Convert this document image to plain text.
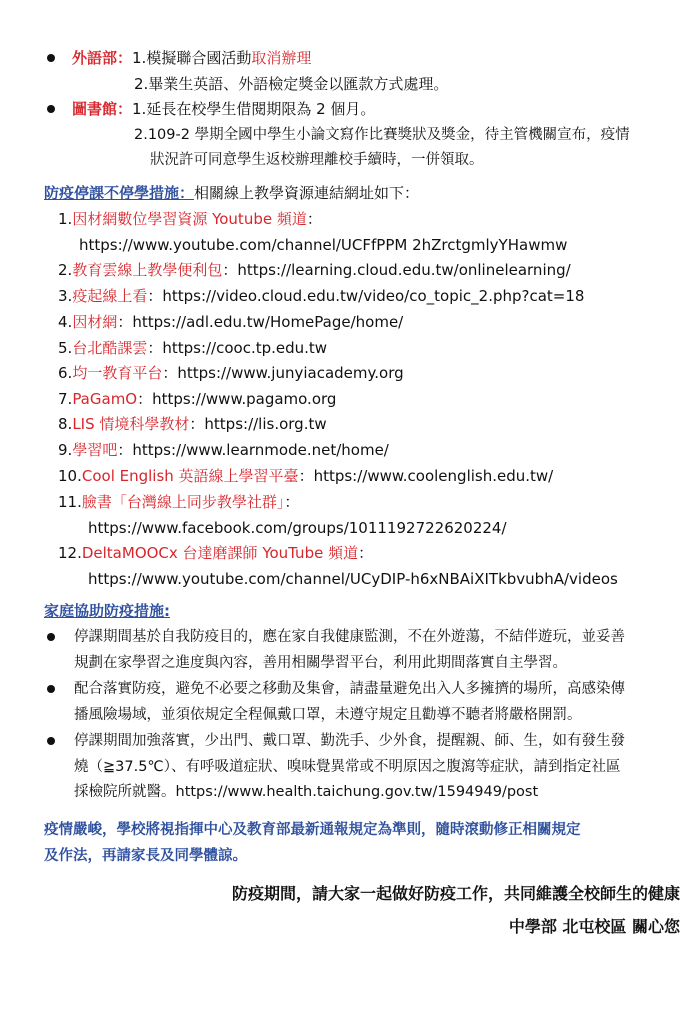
外語部：1.模擬聯合國活動取消辦理
2.畢業生英語、外語檢定獎金以匯款方式處理。
圖書館：1.延長在校學生借閱期限為 2 個月。
2.109-2 學期全國中學生小論文寫作比賽獎狀及獎金，待主管機關宣布，疫情
狀況許可同意學生返校辦理離校手續時，一併領取。
防疫停課不停學措施：相關線上教學資源連結網址如下：
1.因材網數位學習資源 Youtube 頻道：
https://www.youtube.com/channel/UCFfPPM 2hZrctgmlyYHawmw
2.教育雲線上教學便利包：https://learning.cloud.edu.tw/onlinelearning/
3.疫起線上看：https://video.cloud.edu.tw/video/co_topic_2.php?cat=18
4.因材網：https://adl.edu.tw/HomePage/home/
5.台北酷課雲：https://cooc.tp.edu.tw
6.均一教育平台：https://www.junyiacademy.org
7.PaGamO：https://www.pagamo.org
8.LIS 情境科學教材：https://lis.org.tw
9.學習吧：https://www.learnmode.net/home/
10.Cool English 英語線上學習平臺：https://www.coolenglish.edu.tw/
11.臉書「台灣線上同步教學社群」：
https://www.facebook.com/groups/1011192722620224/
12.DeltaMOOCx 台達磨課師 YouTube 頻道：
https://www.youtube.com/channel/UCyDIP-h6xNBAiXITkbvubhA/videos
家庭協助防疫措施:
停課期間基於自我防疫目的，應在家自我健康監測，不在外遊蕩，不結伴遊玩，並妥善
規劃在家學習之進度與內容，善用相關學習平台，利用此期間落實自主學習。
配合落實防疫，避免不必要之移動及集會，請盡量避免出入人多擁擠的場所，高感染傳
播風險場域，並須依規定全程佩戴口罩，未遵守規定且勸導不聽者將嚴格開罰。
停課期間加強落實，少出門、戴口罩、勤洗手、少外食，提醒親、師、生，如有發生發
燒（≧37.5℃）、有呼吸道症狀、嗅味覺異常或不明原因之腹瀉等症狀，請到指定社區
採檢院所就醫。https://www.health.taichung.gov.tw/1594949/post
疫情嚴峻，學校將視指揮中心及教育部最新通報規定為準則，隨時滾動修正相關規定
及作法，再請家長及同學體諒。
防疫期間，請大家一起做好防疫工作，共同維護全校師生的健康
中學部 北屯校區 關心您
